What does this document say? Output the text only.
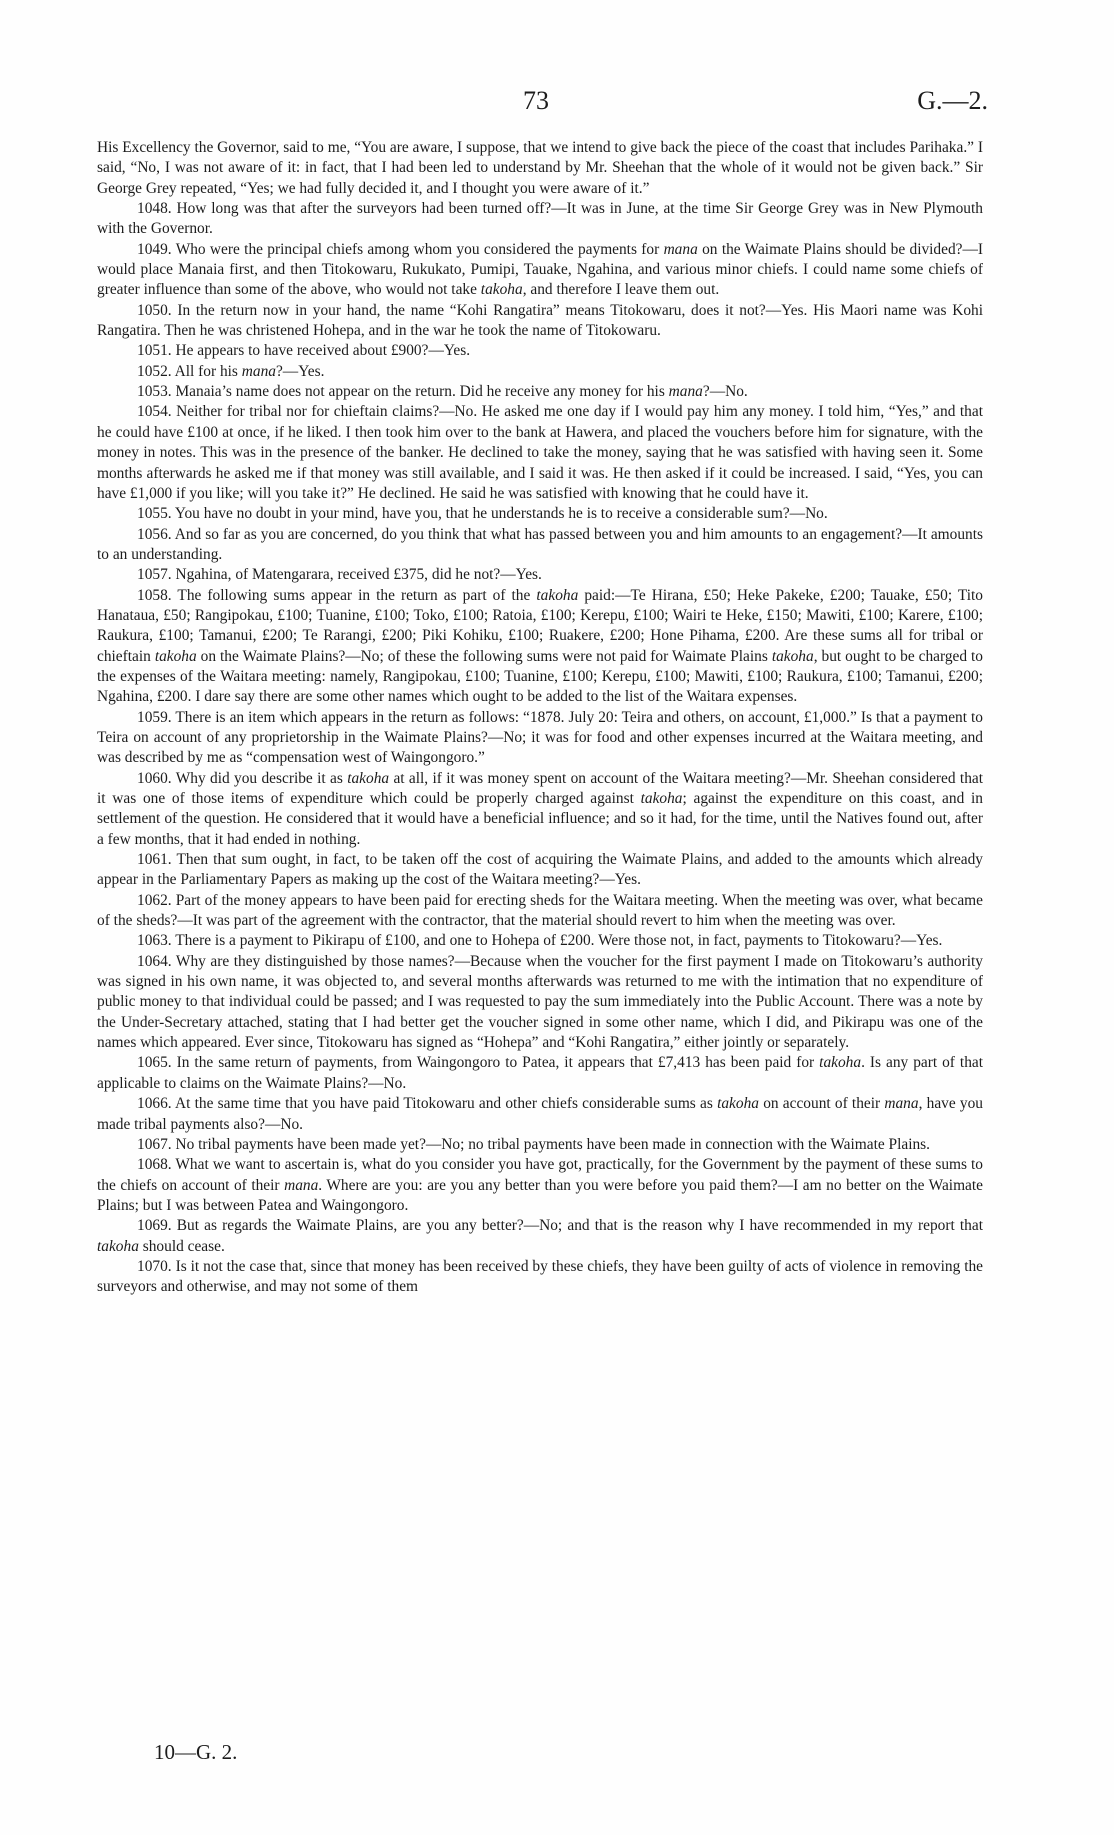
73	G.—2.

His Excellency the Governor, said to me, “You are aware, I suppose, that we intend to give back the piece of the coast that includes Parihaka.” I said, “No, I was not aware of it: in fact, that I had been led to understand by Mr. Sheehan that the whole of it would not be given back.” Sir George Grey repeated, “Yes; we had fully decided it, and I thought you were aware of it.”

1048. How long was that after the surveyors had been turned off?—It was in June, at the time Sir George Grey was in New Plymouth with the Governor.

1049. Who were the principal chiefs among whom you considered the payments for mana on the Waimate Plains should be divided?—I would place Manaia first, and then Titokowaru, Rukukato, Pumipi, Tauake, Ngahina, and various minor chiefs. I could name some chiefs of greater influence than some of the above, who would not take takoha, and therefore I leave them out.

1050. In the return now in your hand, the name “Kohi Rangatira” means Titokowaru, does it not?—Yes. His Maori name was Kohi Rangatira. Then he was christened Hohepa, and in the war he took the name of Titokowaru.

1051. He appears to have received about £900?—Yes.

1052. All for his mana?—Yes.

1053. Manaia’s name does not appear on the return. Did he receive any money for his mana?—No.

1054. Neither for tribal nor for chieftain claims?—No. He asked me one day if I would pay him any money. I told him, “Yes,” and that he could have £100 at once, if he liked. I then took him over to the bank at Hawera, and placed the vouchers before him for signature, with the money in notes. This was in the presence of the banker. He declined to take the money, saying that he was satisfied with having seen it. Some months afterwards he asked me if that money was still available, and I said it was. He then asked if it could be increased. I said, “Yes, you can have £1,000 if you like; will you take it?” He declined. He said he was satisfied with knowing that he could have it.

1055. You have no doubt in your mind, have you, that he understands he is to receive a considerable sum?—No.

1056. And so far as you are concerned, do you think that what has passed between you and him amounts to an engagement?—It amounts to an understanding.

1057. Ngahina, of Matengarara, received £375, did he not?—Yes.

1058. The following sums appear in the return as part of the takoha paid:—Te Hirana, £50; Heke Pakeke, £200; Tauake, £50; Tito Hanataua, £50; Rangipokau, £100; Tuanine, £100; Toko, £100; Ratoia, £100; Kerepu, £100; Wairi te Heke, £150; Mawiti, £100; Karere, £100; Raukura, £100; Tamanui, £200; Te Rarangi, £200; Piki Kohiku, £100; Ruakere, £200; Hone Pihama, £200. Are these sums all for tribal or chieftain takoha on the Waimate Plains?—No; of these the following sums were not paid for Waimate Plains takoha, but ought to be charged to the expenses of the Waitara meeting: namely, Rangipokau, £100; Tuanine, £100; Kerepu, £100; Mawiti, £100; Raukura, £100; Tamanui, £200; Ngahina, £200. I dare say there are some other names which ought to be added to the list of the Waitara expenses.

1059. There is an item which appears in the return as follows: “1878. July 20: Teira and others, on account, £1,000.” Is that a payment to Teira on account of any proprietorship in the Waimate Plains?—No; it was for food and other expenses incurred at the Waitara meeting, and was described by me as “compensation west of Waingongoro.”

1060. Why did you describe it as takoha at all, if it was money spent on account of the Waitara meeting?—Mr. Sheehan considered that it was one of those items of expenditure which could be properly charged against takoha; against the expenditure on this coast, and in settlement of the question. He considered that it would have a beneficial influence; and so it had, for the time, until the Natives found out, after a few months, that it had ended in nothing.

1061. Then that sum ought, in fact, to be taken off the cost of acquiring the Waimate Plains, and added to the amounts which already appear in the Parliamentary Papers as making up the cost of the Waitara meeting?—Yes.

1062. Part of the money appears to have been paid for erecting sheds for the Waitara meeting. When the meeting was over, what became of the sheds?—It was part of the agreement with the contractor, that the material should revert to him when the meeting was over.

1063. There is a payment to Pikirapu of £100, and one to Hohepa of £200. Were those not, in fact, payments to Titokowaru?—Yes.

1064. Why are they distinguished by those names?—Because when the voucher for the first payment I made on Titokowaru’s authority was signed in his own name, it was objected to, and several months afterwards was returned to me with the intimation that no expenditure of public money to that individual could be passed; and I was requested to pay the sum immediately into the Public Account. There was a note by the Under-Secretary attached, stating that I had better get the voucher signed in some other name, which I did, and Pikirapu was one of the names which appeared. Ever since, Titokowaru has signed as “Hohepa” and “Kohi Rangatira,” either jointly or separately.

1065. In the same return of payments, from Waingongoro to Patea, it appears that £7,413 has been paid for takoha. Is any part of that applicable to claims on the Waimate Plains?—No.

1066. At the same time that you have paid Titokowaru and other chiefs considerable sums as takoha on account of their mana, have you made tribal payments also?—No.

1067. No tribal payments have been made yet?—No; no tribal payments have been made in connection with the Waimate Plains.

1068. What we want to ascertain is, what do you consider you have got, practically, for the Government by the payment of these sums to the chiefs on account of their mana. Where are you: are you any better than you were before you paid them?—I am no better on the Waimate Plains; but I was between Patea and Waingongoro.

1069. But as regards the Waimate Plains, are you any better?—No; and that is the reason why I have recommended in my report that takoha should cease.

1070. Is it not the case that, since that money has been received by these chiefs, they have been guilty of acts of violence in removing the surveyors and otherwise, and may not some of them

10—G. 2.
